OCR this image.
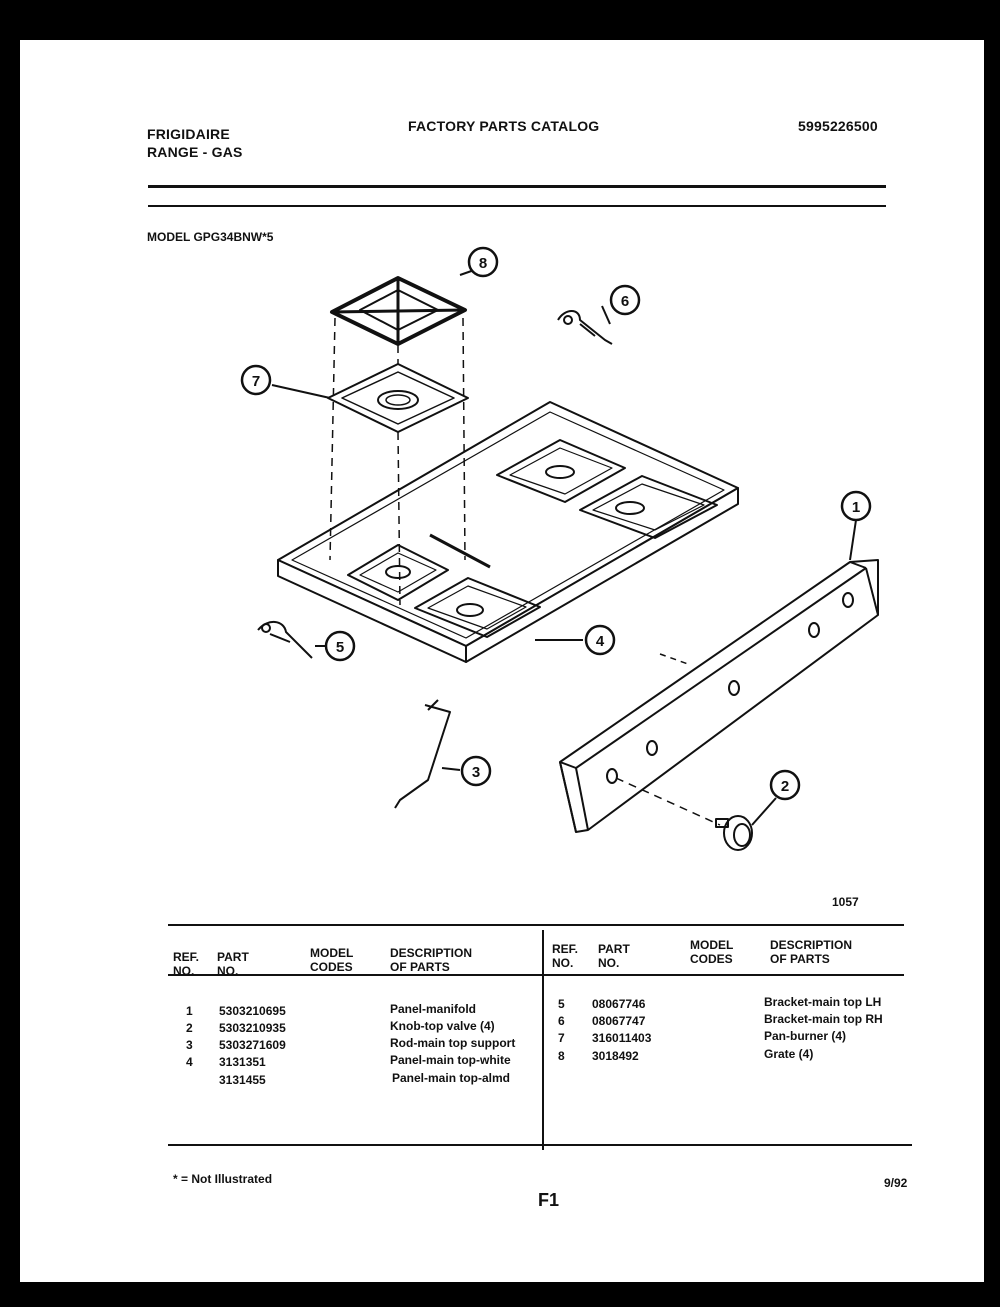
FRIGIDAIRE
RANGE - GAS
FACTORY PARTS CATALOG	5995226500
MODEL GPG34BNW*5
8
6
7
1
4
5
3
2
1057
REF.
NO.
PART
NO.
MODEL
CODES
DESCRIPTION
OF PARTS
REF.
NO.
PART
NO.
MODEL
CODES
DESCRIPTION
OF PARTS
1 5303210695	Panel-manifold
2 5303210935	Knob-top valve (4)
3 5303271609	Rod-main top support
4 3131351	Panel-main top-white
3131455	Panel-main top-almd
5 08067746	Bracket-main top LH
6 08067747	Bracket-main top RH
7 316011403	Pan-burner (4)
8 3018492	Grate (4)
* = Not Illustrated
F1
9/92
